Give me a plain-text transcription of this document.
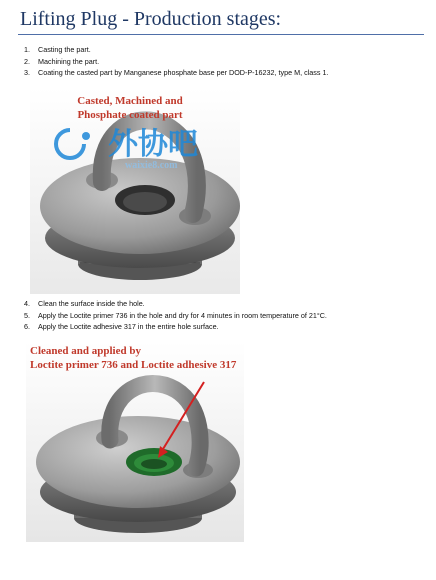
Lifting Plug - Production stages:
1.	Casting the part.
2.	Machining the part.
3.	Coating the casted part by Manganese phosphate base per DOD-P-16232, type M, class 1.
Casted, Machined and
Phosphate coated part
外协吧
waixie8.com
4.	Clean the surface inside the hole.
5.	Apply the Loctite primer 736 in the hole and dry for 4 minutes in room temperature of 21°C.
6.	Apply the Loctite adhesive 317 in the entire hole surface.
Cleaned and applied by
Loctite primer 736 and Loctite adhesive 317
